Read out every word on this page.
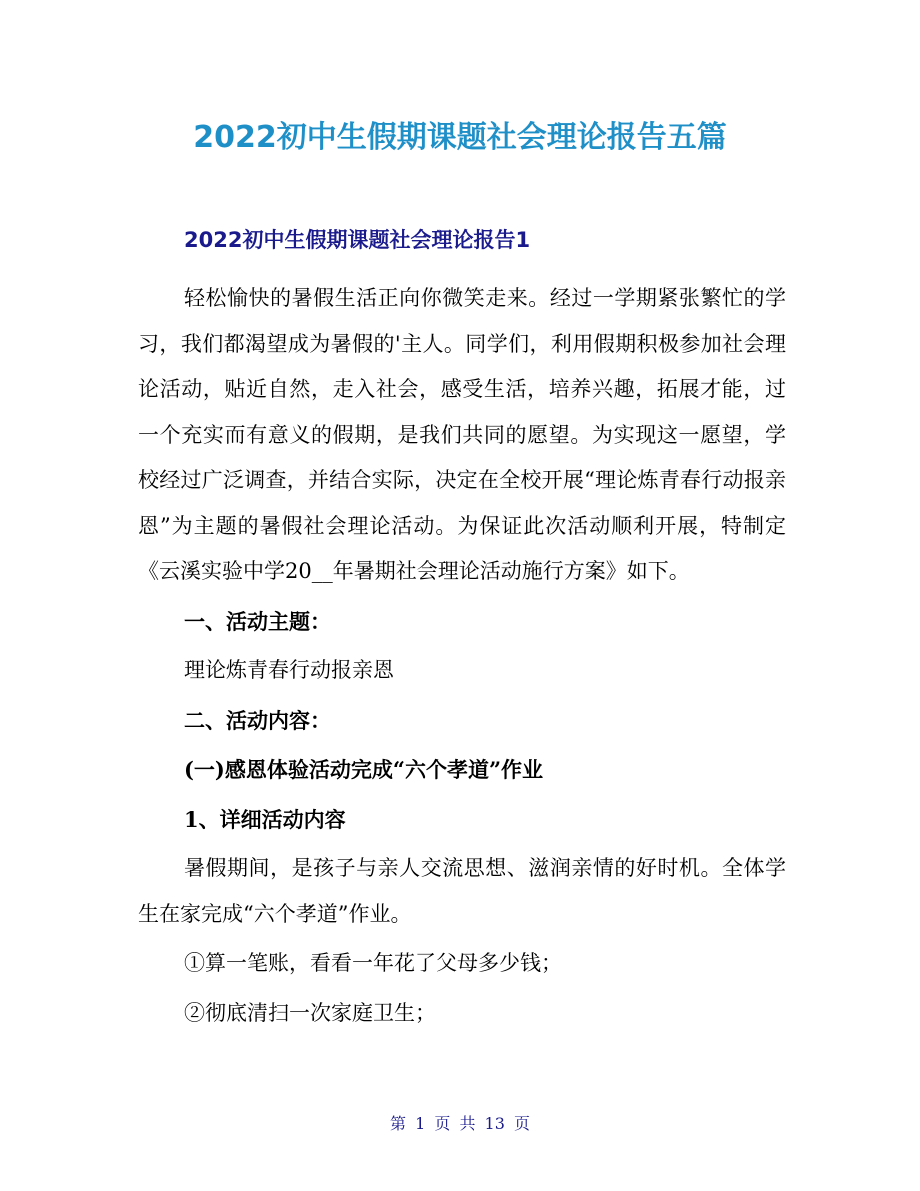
2022初中生假期课题社会理论报告五篇
2022初中生假期课题社会理论报告1

轻松愉快的暑假生活正向你微笑走来。经过一学期紧张繁忙的学习，我们都渴望成为暑假的'主人。同学们，利用假期积极参加社会理论活动，贴近自然，走入社会，感受生活，培养兴趣，拓展才能，过一个充实而有意义的假期，是我们共同的愿望。为实现这一愿望，学校经过广泛调查，并结合实际，决定在全校开展“理论炼青春行动报亲恩”为主题的暑假社会理论活动。为保证此次活动顺利开展，特制定《云溪实验中学20__年暑期社会理论活动施行方案》如下。

一、活动主题：

理论炼青春行动报亲恩

二、活动内容：

(一)感恩体验活动完成“六个孝道”作业

1、详细活动内容

暑假期间，是孩子与亲人交流思想、滋润亲情的好时机。全体学生在家完成“六个孝道”作业。

①算一笔账，看看一年花了父母多少钱；

②彻底清扫一次家庭卫生；

第 1 页 共 13 页
